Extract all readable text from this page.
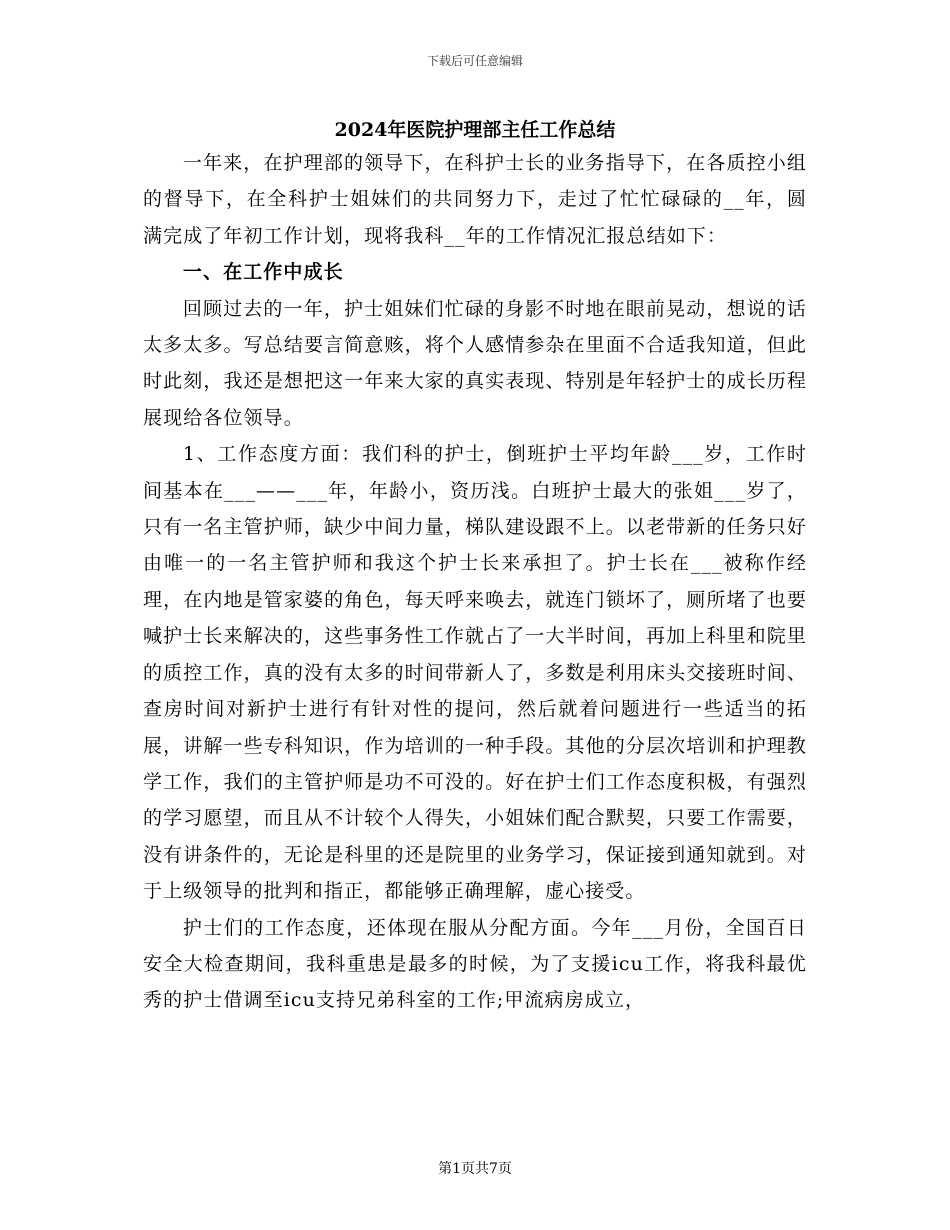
下载后可任意编辑
2024年医院护理部主任工作总结

一年来，在护理部的领导下，在科护士长的业务指导下，在各质控小组的督导下，在全科护士姐妹们的共同努力下，走过了忙忙碌碌的__年，圆满完成了年初工作计划，现将我科__年的工作情况汇报总结如下：

一、在工作中成长

回顾过去的一年，护士姐妹们忙碌的身影不时地在眼前晃动，想说的话太多太多。写总结要言简意赅，将个人感情参杂在里面不合适我知道，但此时此刻，我还是想把这一年来大家的真实表现、特别是年轻护士的成长历程展现给各位领导。

1、工作态度方面：我们科的护士，倒班护士平均年龄___岁，工作时间基本在___——___年，年龄小，资历浅。白班护士最大的张姐___岁了，只有一名主管护师，缺少中间力量，梯队建设跟不上。以老带新的任务只好由唯一的一名主管护师和我这个护士长来承担了。护士长在___被称作经理，在内地是管家婆的角色，每天呼来唤去，就连门锁坏了，厕所堵了也要喊护士长来解决的，这些事务性工作就占了一大半时间，再加上科里和院里的质控工作，真的没有太多的时间带新人了，多数是利用床头交接班时间、查房时间对新护士进行有针对性的提问，然后就着问题进行一些适当的拓展，讲解一些专科知识，作为培训的一种手段。其他的分层次培训和护理教学工作，我们的主管护师是功不可没的。好在护士们工作态度积极，有强烈的学习愿望，而且从不计较个人得失，小姐妹们配合默契，只要工作需要，没有讲条件的，无论是科里的还是院里的业务学习，保证接到通知就到。对于上级领导的批判和指正，都能够正确理解，虚心接受。

护士们的工作态度，还体现在服从分配方面。今年___月份，全国百日安全大检查期间，我科重患是最多的时候，为了支援icu工作，将我科最优秀的护士借调至icu支持兄弟科室的工作;甲流病房成立，

第1页共7页
